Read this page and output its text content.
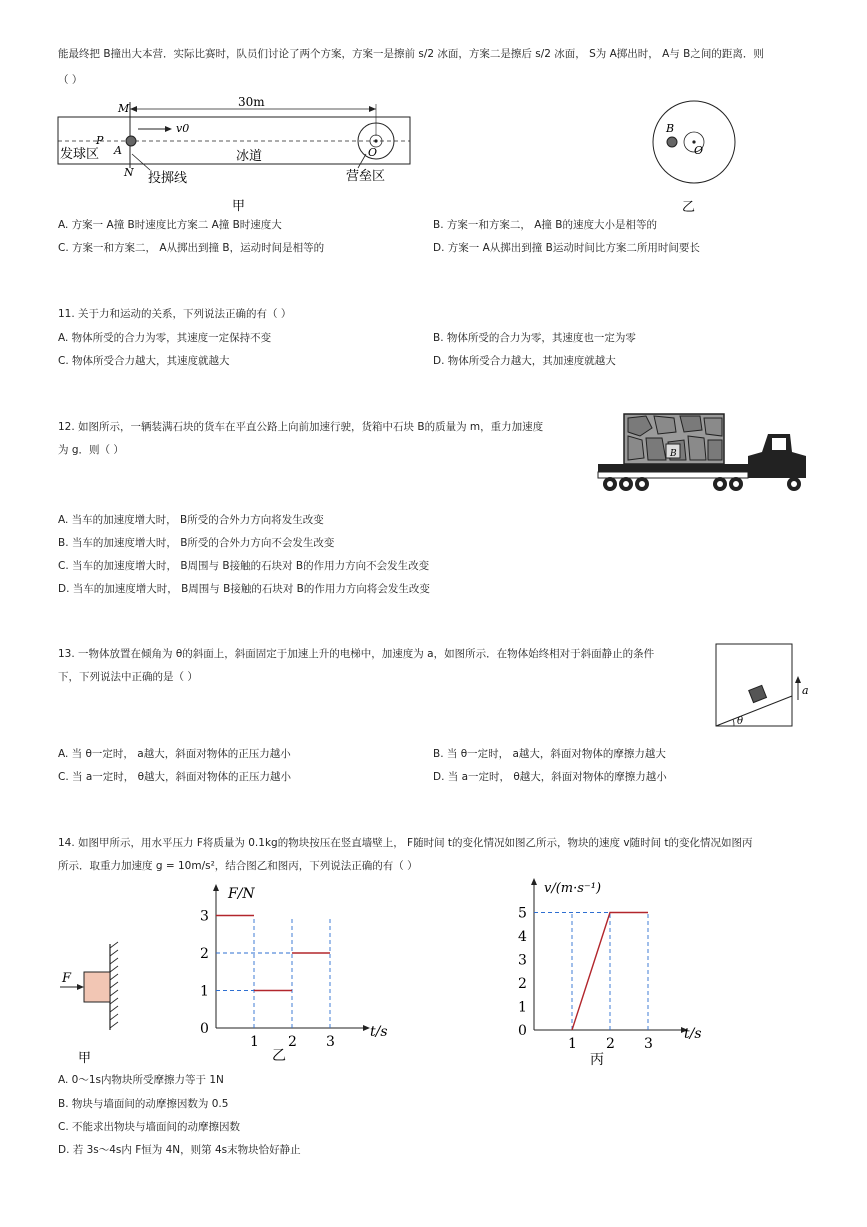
能最终把 B撞出大本营．实际比赛时，队员们讨论了两个方案，方案一是擦前 s/2 冰面，方案二是擦后 s/2 冰面， S为 A掷出时， A与 B之间的距离．则
（ ）
30m
v0
M
N
P
A	O
发球区	冰道
投掷线	营垒区
甲
B
O
乙
A. 方案一 A撞 B时速度比方案二 A撞 B时速度大	B. 方案一和方案二， A撞 B的速度大小是相等的
C. 方案一和方案二， A从掷出到撞 B，运动时间是相等的	D. 方案一 A从掷出到撞 B运动时间比方案二所用时间要长
11. 关于力和运动的关系，下列说法正确的有（ ）
A. 物体所受的合力为零，其速度一定保持不变	B. 物体所受的合力为零，其速度也一定为零
C. 物体所受合力越大，其速度就越大	D. 物体所受合力越大，其加速度就越大
12. 如图所示，一辆装满石块的货车在平直公路上向前加速行驶，货箱中石块 B的质量为 m，重力加速度
为 g．则（ ）	B
A. 当车的加速度增大时， B所受的合外力方向将发生改变
B. 当车的加速度增大时， B所受的合外力方向不会发生改变
C. 当车的加速度增大时， B周围与 B接触的石块对 B的作用力方向不会发生改变
D. 当车的加速度增大时， B周围与 B接触的石块对 B的作用力方向将会发生改变
13. 一物体放置在倾角为 θ的斜面上，斜面固定于加速上升的电梯中，加速度为 a，如图所示．在物体始终相对于斜面静止的条件
下，下列说法中正确的是（ ）
θ
a
A. 当 θ一定时， a越大，斜面对物体的正压力越小	B. 当 θ一定时， a越大，斜面对物体的摩擦力越大
C. 当 a一定时， θ越大，斜面对物体的正压力越小	D. 当 a一定时， θ越大，斜面对物体的摩擦力越小
14. 如图甲所示，用水平压力 F将质量为 0.1kg的物块按压在竖直墙壁上， F随时间 t的变化情况如图乙所示，物块的速度 v随时间 t的变化情况如图丙
所示．取重力加速度 g = 10m/s²，结合图乙和图丙，下列说法正确的有（ ）
F
甲
F/N
t/s
1 2 3
0
1
2
3
乙
v/(m·s⁻¹)
t/s
1 2 3
0
1
2
3
4
5
丙
A. 0～1s内物块所受摩擦力等于 1N
B. 物块与墙面间的动摩擦因数为 0.5
C. 不能求出物块与墙面间的动摩擦因数
D. 若 3s～4s内 F恒为 4N，则第 4s末物块恰好静止
